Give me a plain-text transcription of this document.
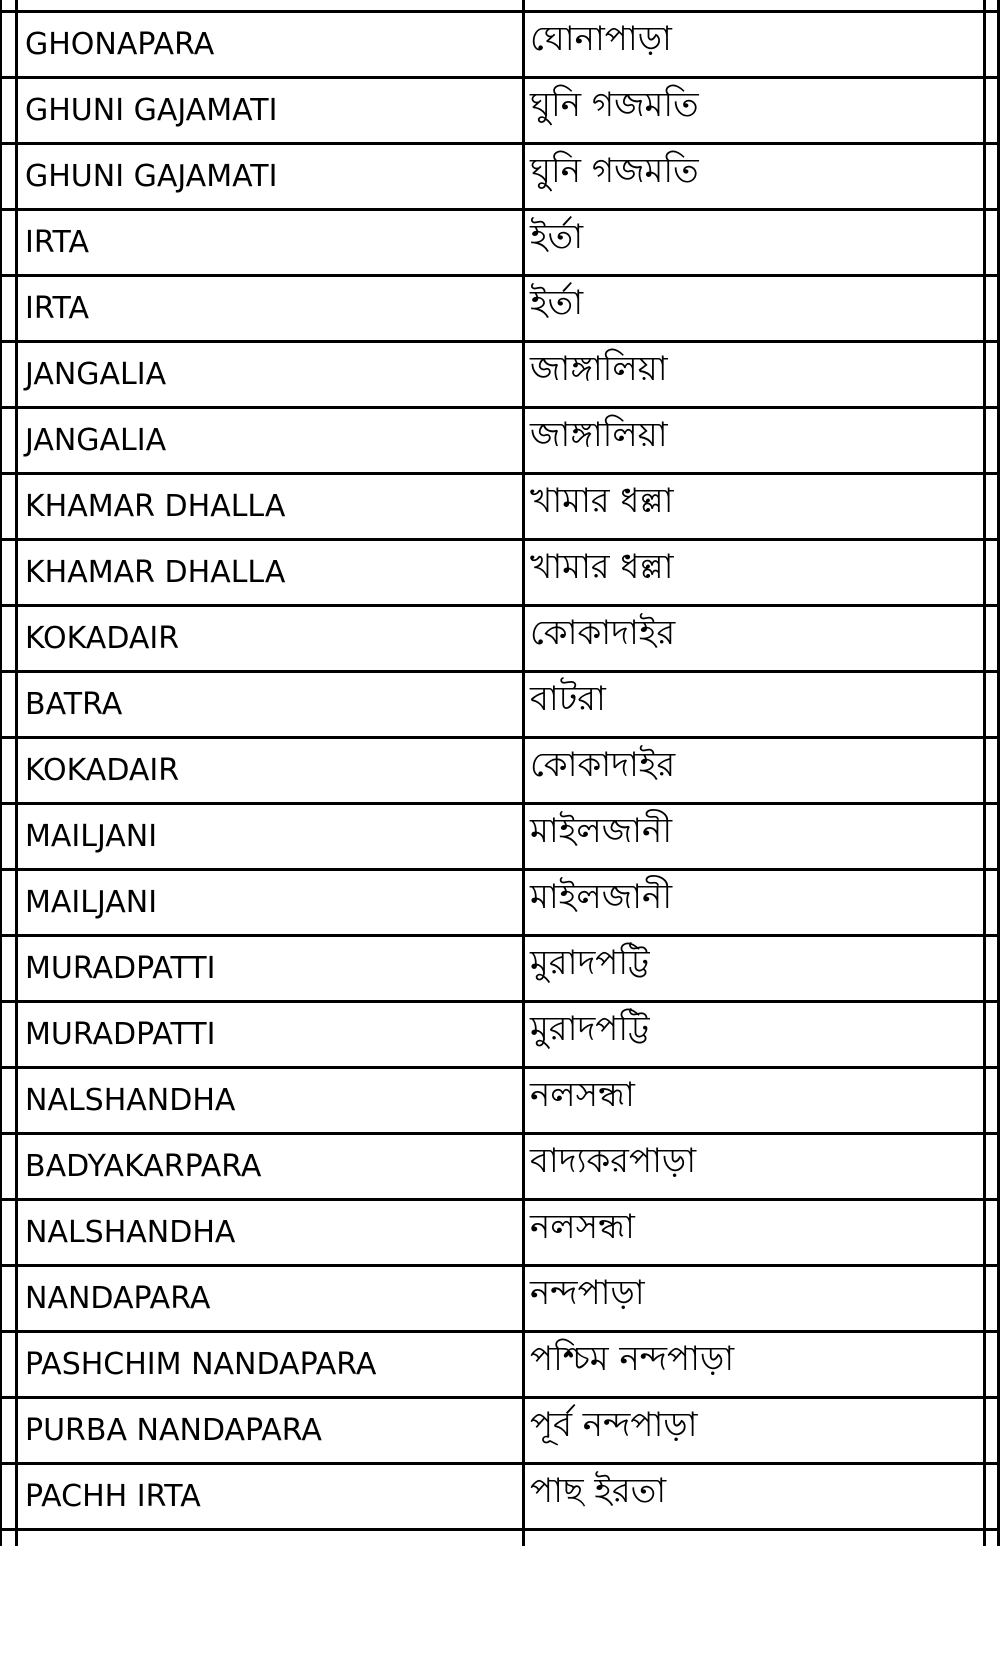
GHONAPARA	ঘোনাপাড়া
GHUNI GAJAMATI	ঘুনি গজমতি
GHUNI GAJAMATI	ঘুনি গজমতি
IRTA	ইর্তা
IRTA	ইর্তা
JANGALIA	জাঙ্গালিয়া
JANGALIA	জাঙ্গালিয়া
KHAMAR DHALLA	খামার ধল্লা
KHAMAR DHALLA	খামার ধল্লা
KOKADAIR	কোকাদাইর
BATRA	বাটরা
KOKADAIR	কোকাদাইর
MAILJANI	মাইলজানী
MAILJANI	মাইলজানী
MURADPATTI	মুরাদপট্টি
MURADPATTI	মুরাদপট্টি
NALSHANDHA	নলসন্ধা
BADYAKARPARA	বাদ্যকরপাড়া
NALSHANDHA	নলসন্ধা
NANDAPARA	নন্দপাড়া
PASHCHIM NANDAPARA	পশ্চিম নন্দপাড়া
PURBA NANDAPARA	পূর্ব নন্দপাড়া
PACHH IRTA	পাছ ইরতা
